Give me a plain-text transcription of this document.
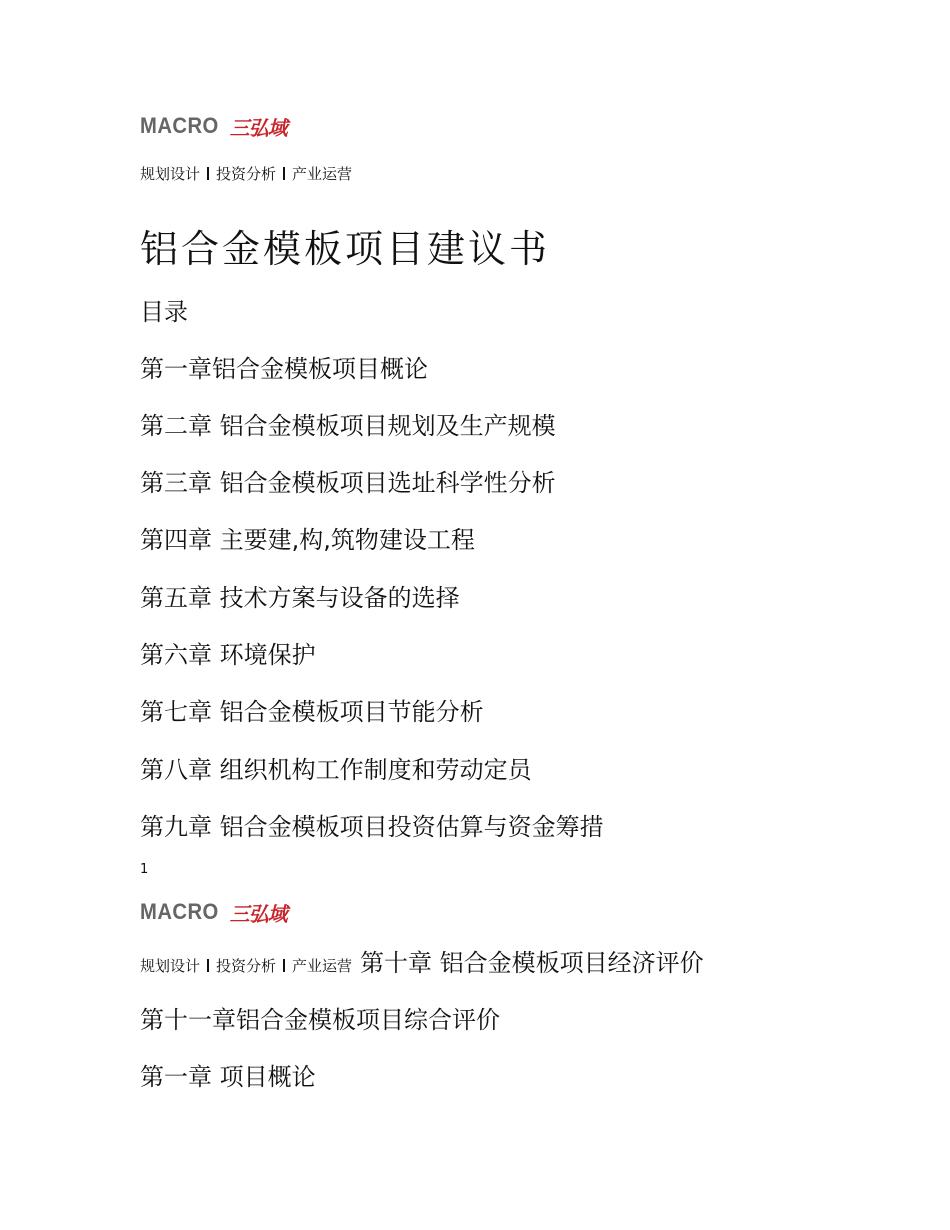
MACRO 三弘域
规划设计 投资分析 产业运营
铝合金模板项目建议书
目录
第一章铝合金模板项目概论
第二章 铝合金模板项目规划及生产规模
第三章 铝合金模板项目选址科学性分析
第四章 主要建,构,筑物建设工程
第五章 技术方案与设备的选择
第六章 环境保护
第七章 铝合金模板项目节能分析
第八章 组织机构工作制度和劳动定员
第九章 铝合金模板项目投资估算与资金筹措
1
MACRO 三弘域
规划设计 投资分析 产业运营 第十章 铝合金模板项目经济评价
第十一章铝合金模板项目综合评价
第一章 项目概论
